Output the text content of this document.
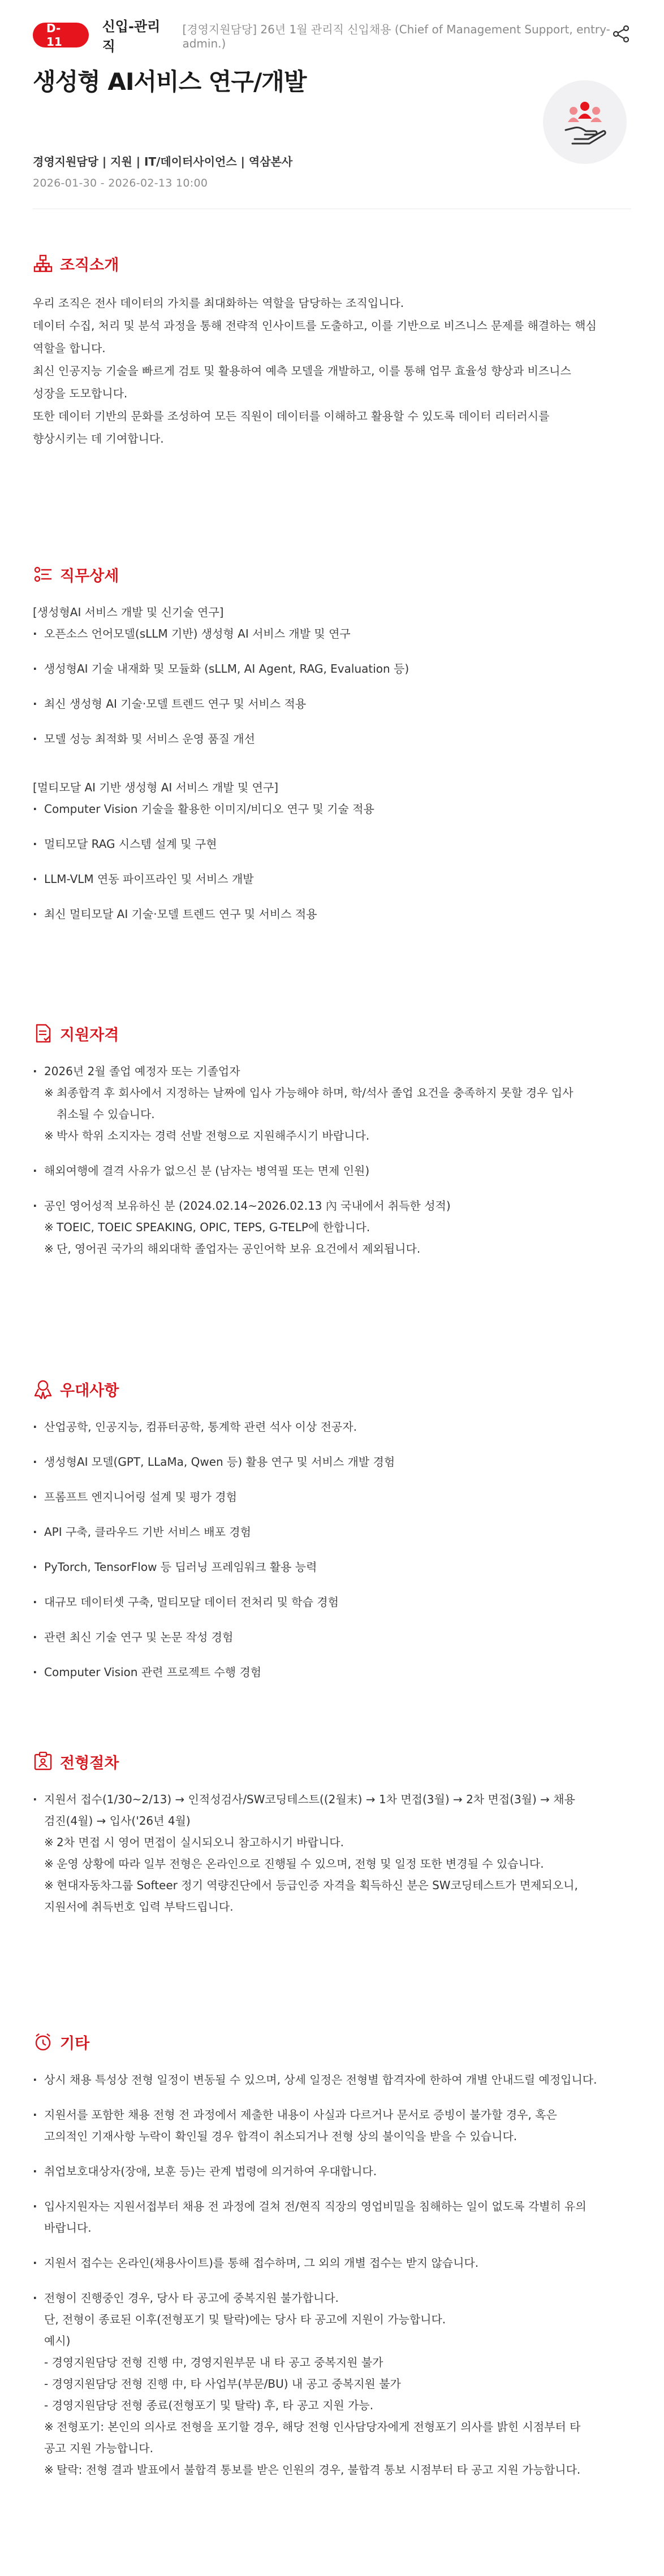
D-11
신입-관리직
[경영지원담당] 26년 1월 관리직 신입채용 (Chief of Management Support, entry-admin.)
생성형 AI서비스 연구/개발
경영지원담당 | 지원 | IT/데이터사이언스 | 역삼본사
2026-01-30 - 2026-02-13 10:00
조직소개
우리 조직은 전사 데이터의 가치를 최대화하는 역할을 담당하는 조직입니다.
데이터 수집, 처리 및 분석 과정을 통해 전략적 인사이트를 도출하고, 이를 기반으로 비즈니스 문제를 해결하는 핵심
역할을 합니다.
최신 인공지능 기술을 빠르게 검토 및 활용하여 예측 모델을 개발하고, 이를 통해 업무 효율성 향상과 비즈니스
성장을 도모합니다.
또한 데이터 기반의 문화를 조성하여 모든 직원이 데이터를 이해하고 활용할 수 있도록 데이터 리터러시를
향상시키는 데 기여합니다.
직무상세
[생성형AI 서비스 개발 및 신기술 연구]
· 오픈소스 언어모델(sLLM 기반) 생성형 AI 서비스 개발 및 연구
· 생성형AI 기술 내재화 및 모듈화 (sLLM, AI Agent, RAG, Evaluation 등)
· 최신 생성형 AI 기술·모델 트렌드 연구 및 서비스 적용
· 모델 성능 최적화 및 서비스 운영 품질 개선
[멀티모달 AI 기반 생성형 AI 서비스 개발 및 연구]
· Computer Vision 기술을 활용한 이미지/비디오 연구 및 기술 적용
· 멀티모달 RAG 시스템 설계 및 구현
· LLM-VLM 연동 파이프라인 및 서비스 개발
· 최신 멀티모달 AI 기술·모델 트렌드 연구 및 서비스 적용
지원자격
· 2026년 2월 졸업 예정자 또는 기졸업자
※ 최종합격 후 회사에서 지정하는 날짜에 입사 가능해야 하며, 학/석사 졸업 요건을 충족하지 못할 경우 입사
취소될 수 있습니다.
※ 박사 학위 소지자는 경력 선발 전형으로 지원해주시기 바랍니다.
· 해외여행에 결격 사유가 없으신 분 (남자는 병역필 또는 면제 인원)
· 공인 영어성적 보유하신 분 (2024.02.14~2026.02.13 內 국내에서 취득한 성적)
※ TOEIC, TOEIC SPEAKING, OPIC, TEPS, G-TELP에 한합니다.
※ 단, 영어권 국가의 해외대학 졸업자는 공인어학 보유 요건에서 제외됩니다.
우대사항
· 산업공학, 인공지능, 컴퓨터공학, 통계학 관련 석사 이상 전공자.
· 생성형AI 모델(GPT, LLaMa, Qwen 등) 활용 연구 및 서비스 개발 경험
· 프롬프트 엔지니어링 설계 및 평가 경험
· API 구축, 클라우드 기반 서비스 배포 경험
· PyTorch, TensorFlow 등 딥러닝 프레임워크 활용 능력
· 대규모 데이터셋 구축, 멀티모달 데이터 전처리 및 학습 경험
· 관련 최신 기술 연구 및 논문 작성 경험
· Computer Vision 관련 프로젝트 수행 경험
전형절차
· 지원서 접수(1/30~2/13) → 인적성검사/SW코딩테스트((2월末) → 1차 면접(3월) → 2차 면접(3월) → 채용
검진(4월) → 입사('26년 4월)
※ 2차 면접 시 영어 면접이 실시되오니 참고하시기 바랍니다.
※ 운영 상황에 따라 일부 전형은 온라인으로 진행될 수 있으며, 전형 및 일정 또한 변경될 수 있습니다.
※ 현대자동차그룹 Softeer 정기 역량진단에서 등급인증 자격을 획득하신 분은 SW코딩테스트가 면제되오니,
지원서에 취득번호 입력 부탁드립니다.
기타
· 상시 채용 특성상 전형 일정이 변동될 수 있으며, 상세 일정은 전형별 합격자에 한하여 개별 안내드릴 예정입니다.
· 지원서를 포함한 채용 전형 전 과정에서 제출한 내용이 사실과 다르거나 문서로 증빙이 불가할 경우, 혹은
고의적인 기재사항 누락이 확인될 경우 합격이 취소되거나 전형 상의 불이익을 받을 수 있습니다.
· 취업보호대상자(장애, 보훈 등)는 관계 법령에 의거하여 우대합니다.
· 입사지원자는 지원서접부터 채용 전 과정에 걸쳐 전/현직 직장의 영업비밀을 침해하는 일이 없도록 각별히 유의
바랍니다.
· 지원서 접수는 온라인(채용사이트)를 통해 접수하며, 그 외의 개별 접수는 받지 않습니다.
· 전형이 진행중인 경우, 당사 타 공고에 중복지원 불가합니다.
단, 전형이 종료된 이후(전형포기 및 탈락)에는 당사 타 공고에 지원이 가능합니다.
예시)
- 경영지원담당 전형 진행 中, 경영지원부문 내 타 공고 중복지원 불가
- 경영지원담당 전형 진행 中, 타 사업부(부문/BU) 내 공고 중복지원 불가
- 경영지원담당 전형 종료(전형포기 및 탈락) 후, 타 공고 지원 가능.
※ 전형포기: 본인의 의사로 전형을 포기할 경우, 해당 전형 인사담당자에게 전형포기 의사를 밝힌 시점부터 타
공고 지원 가능합니다.
※ 탈락: 전형 결과 발표에서 불합격 통보를 받은 인원의 경우, 불합격 통보 시점부터 타 공고 지원 가능합니다.
